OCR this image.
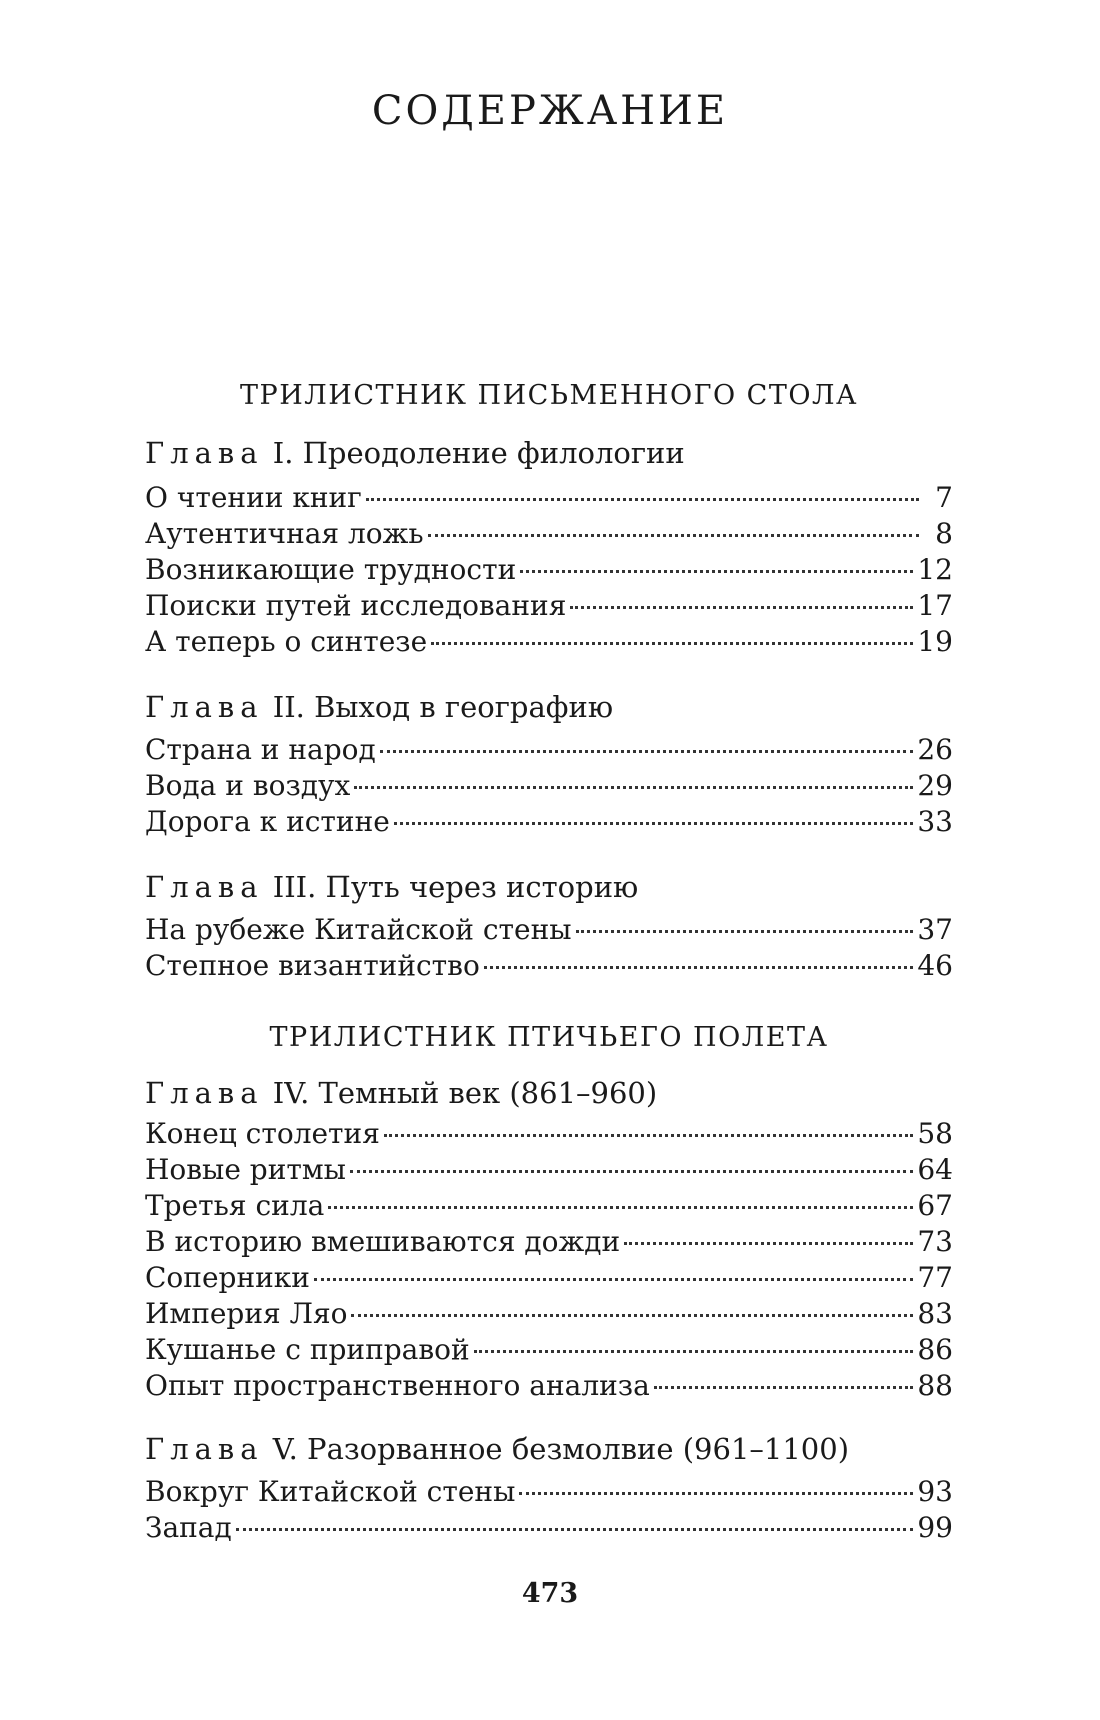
СОДЕРЖАНИЕ
ТРИЛИСТНИК ПИСЬМЕННОГО СТОЛА
Глава I. Преодоление филологии
О чтении книг	7
Аутентичная ложь	8
Возникающие трудности	12
Поиски путей исследования	17
А теперь о синтезе	19
Глава II. Выход в географию
Страна и народ	26
Вода и воздух	29
Дорога к истине	33
Глава III. Путь через историю
На рубеже Китайской стены	37
Степное византийство	46
ТРИЛИСТНИК ПТИЧЬЕГО ПОЛЕТА
Глава IV. Темный век (861–960)
Конец столетия	58
Новые ритмы	64
Третья сила	67
В историю вмешиваются дожди	73
Соперники	77
Империя Ляо	83
Кушанье с приправой	86
Опыт пространственного анализа	88
Глава V. Разорванное безмолвие (961–1100)
Вокруг Китайской стены	93
Запад	99
473
